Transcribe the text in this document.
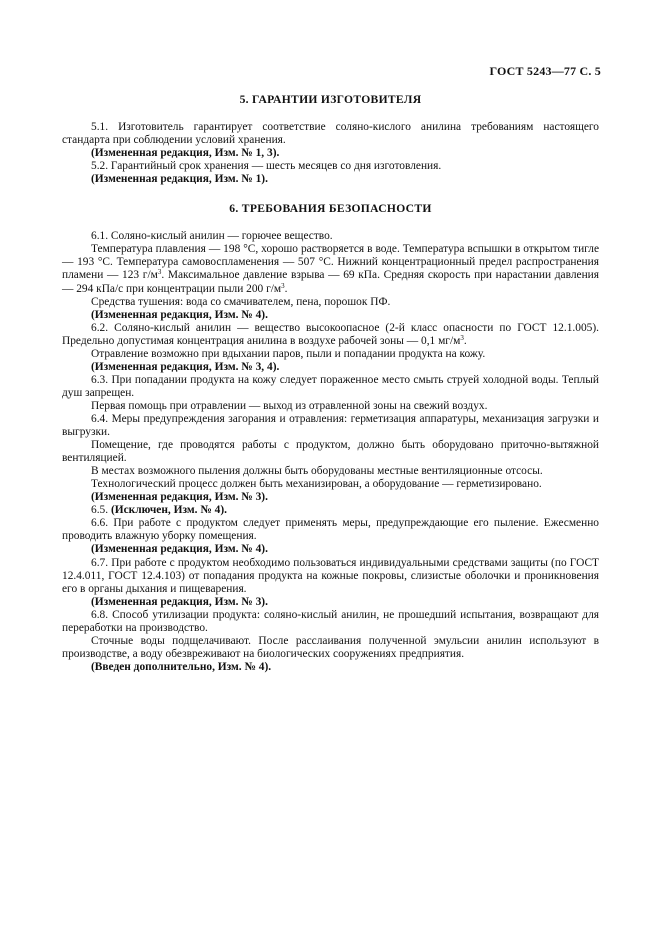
ГОСТ 5243—77 С. 5
5. ГАРАНТИИ ИЗГОТОВИТЕЛЯ

5.1. Изготовитель гарантирует соответствие соляно-кислого анилина требованиям настоящего стандарта при соблюдении условий хранения.

(Измененная редакция, Изм. № 1, 3).

5.2. Гарантийный срок хранения — шесть месяцев со дня изготовления.

(Измененная редакция, Изм. № 1).

6. ТРЕБОВАНИЯ БЕЗОПАСНОСТИ

6.1. Соляно-кислый анилин — горючее вещество.

Температура плавления — 198 °С, хорошо растворяется в воде. Температура вспышки в открытом тигле — 193 °С. Температура самовоспламенения — 507 °С. Нижний концентрационный предел распространения пламени — 123 $г/м^3$. Максимальное давление взрыва — 69 кПа. Средняя скорость при нарастании давления — 294 кПа/с при концентрации пыли 200 $г/м^3$.

Средства тушения: вода со смачивателем, пена, порошок ПФ.

(Измененная редакция, Изм. № 4).

6.2. Соляно-кислый анилин — вещество высокоопасное (2-й класс опасности по ГОСТ 12.1.005). Предельно допустимая концентрация анилина в воздухе рабочей зоны — 0,1 $мг/м^3$.

Отравление возможно при вдыхании паров, пыли и попадании продукта на кожу.

(Измененная редакция, Изм. № 3, 4).

6.3. При попадании продукта на кожу следует пораженное место смыть струей холодной воды. Теплый душ запрещен.

Первая помощь при отравлении — выход из отравленной зоны на свежий воздух.

6.4. Меры предупреждения загорания и отравления: герметизация аппаратуры, механизация загрузки и выгрузки.

Помещение, где проводятся работы с продуктом, должно быть оборудовано приточно-вытяжной вентиляцией.

В местах возможного пыления должны быть оборудованы местные вентиляционные отсосы.

Технологический процесс должен быть механизирован, а оборудование — герметизировано.

(Измененная редакция, Изм. № 3).

6.5. (Исключен, Изм. № 4).

6.6. При работе с продуктом следует применять меры, предупреждающие его пыление. Ежесменно проводить влажную уборку помещения.

(Измененная редакция, Изм. № 4).

6.7. При работе с продуктом необходимо пользоваться индивидуальными средствами защиты (по ГОСТ 12.4.011, ГОСТ 12.4.103) от попадания продукта на кожные покровы, слизистые оболочки и проникновения его в органы дыхания и пищеварения.

(Измененная редакция, Изм. № 3).

6.8. Способ утилизации продукта: соляно-кислый анилин, не прошедший испытания, возвращают для переработки на производство.

Сточные воды подщелачивают. После расслаивания полученной эмульсии анилин используют в производстве, а воду обезвреживают на биологических сооружениях предприятия.

(Введен дополнительно, Изм. № 4).
